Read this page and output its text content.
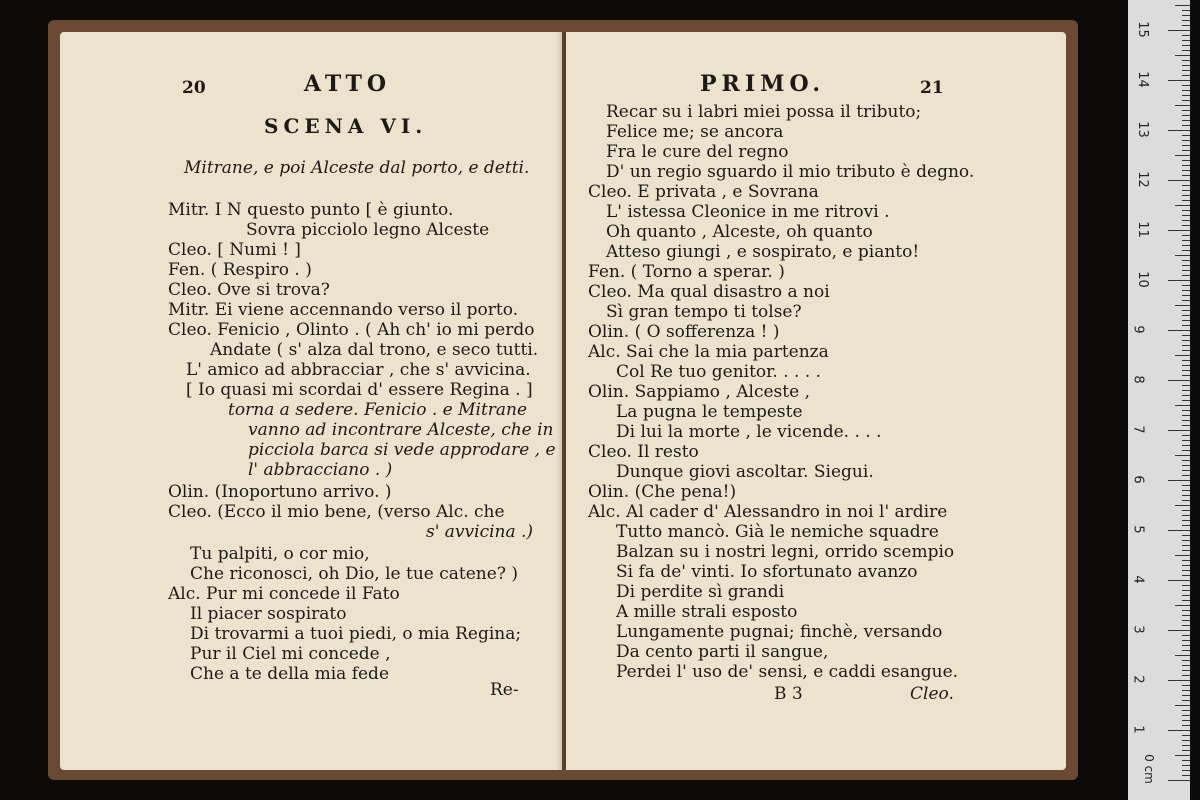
20	ATTO
SCENA VI.
Mitrane, e poi Alceste dal porto, e detti.
Mitr. I N questo punto [ è giunto.
Sovra picciolo legno Alceste
Cleo. [ Numi ! ]
Fen. ( Respiro . )
Cleo. Ove si trova?
Mitr. Ei viene accennando verso il porto.
Cleo. Fenicio , Olinto . ( Ah ch' io mi perdo
Andate ( s' alza dal trono, e seco tutti.
L' amico ad abbracciar , che s' avvicina.
[ Io quasi mi scordai d' essere Regina . ]
torna a sedere. Fenicio . e Mitrane
vanno ad incontrare Alceste, che in
picciola barca si vede approdare , e
l' abbracciano . )
Olin. (Inoportuno arrivo. )
Cleo. (Ecco il mio bene, (verso Alc. che
s' avvicina .)
Tu palpiti, o cor mio,
Che riconosci, oh Dio, le tue catene? )
Alc. Pur mi concede il Fato
Il piacer sospirato
Di trovarmi a tuoi piedi, o mia Regina;
Pur il Ciel mi concede ,
Che a te della mia fede
Re-
PRIMO.	21
Recar su i labri miei possa il tributo;
Felice me; se ancora
Fra le cure del regno
D' un regio sguardo il mio tributo è degno.
Cleo. E privata , e Sovrana
L' istessa Cleonice in me ritrovi .
Oh quanto , Alceste, oh quanto
Atteso giungi , e sospirato, e pianto!
Fen. ( Torno a sperar. )
Cleo. Ma qual disastro a noi
Sì gran tempo ti tolse?
Olin. ( O sofferenza ! )
Alc. Sai che la mia partenza
Col Re tuo genitor. . . . .
Olin. Sappiamo , Alceste ,
La pugna le tempeste
Di lui la morte , le vicende. . . .
Cleo. Il resto
Dunque giovi ascoltar. Siegui.
Olin. (Che pena!)
Alc. Al cader d' Alessandro in noi l' ardire
Tutto mancò. Già le nemiche squadre
Balzan su i nostri legni, orrido scempio
Si fa de' vinti. Io sfortunato avanzo
Di perdite sì grandi
A mille strali esposto
Lungamente pugnai; finchè, versando
Da cento parti il sangue,
Perdei l' uso de' sensi, e caddi esangue.
B 3	Cleo.
1
2
3
4
5
6
7
8
9
10
11
12
13
14
15
0 cm
